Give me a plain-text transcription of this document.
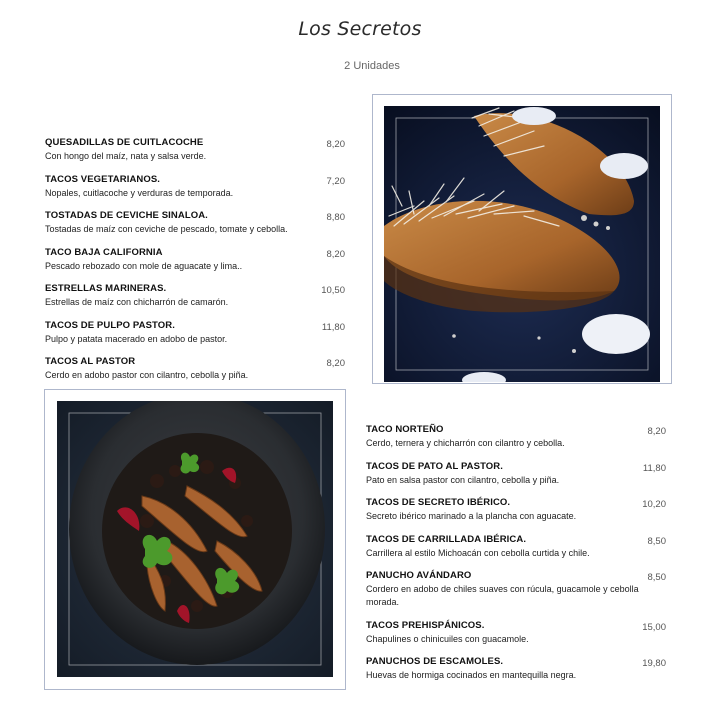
Los Secretos
2 Unidades
QUESADILLAS DE CUITLACOCHE
Con hongo del maíz, nata y salsa verde.
8,20
TACOS VEGETARIANOS.
Nopales, cuitlacoche y verduras de temporada.
7,20
TOSTADAS DE CEVICHE SINALOA.
Tostadas de maíz con ceviche de pescado, tomate y cebolla.
8,80
TACO BAJA CALIFORNIA
Pescado rebozado con mole de aguacate y lima..
8,20
ESTRELLAS MARINERAS.
Estrellas de maíz con chicharrón de camarón.
10,50
TACOS DE PULPO PASTOR.
Pulpo y patata macerado en adobo de pastor.
11,80
TACOS AL PASTOR
Cerdo en adobo pastor con cilantro, cebolla y piña.
8,20
TACO NORTEÑO
Cerdo, ternera y chicharrón con cilantro y cebolla.
8,20
TACOS DE PATO AL PASTOR.
Pato en salsa pastor con cilantro, cebolla y piña.
11,80
TACOS DE SECRETO IBÉRICO.
Secreto ibérico marinado a la plancha con aguacate.
10,20
TACOS DE CARRILLADA IBÉRICA.
Carrillera al estilo Michoacán con cebolla curtida y chile.
8,50
PANUCHO AVÁNDARO
Cordero en adobo de chiles suaves con rúcula, guacamole y cebolla morada.
8,50
TACOS PREHISPÁNICOS.
Chapulines o chinicuiles con guacamole.
15,00
PANUCHOS DE ESCAMOLES.
Huevas de hormiga cocinados en mantequilla negra.
19,80
